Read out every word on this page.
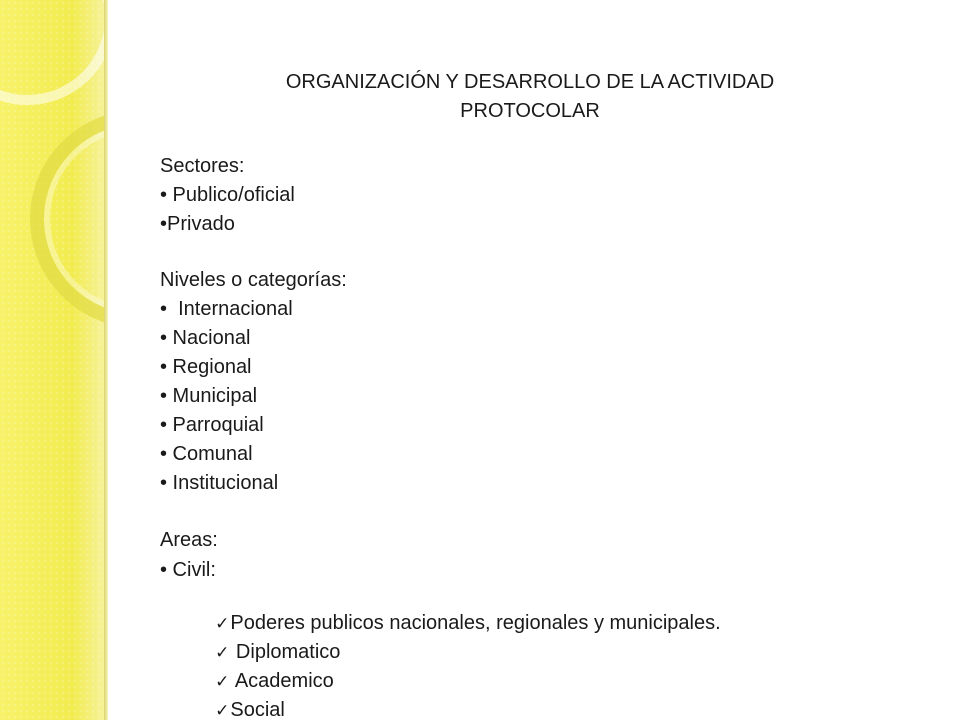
ORGANIZACIÓN Y DESARROLLO DE LA ACTIVIDAD
PROTOCOLAR
Sectores:
• Publico/oficial
•Privado
Niveles o categorías:
•  Internacional
• Nacional
• Regional
• Municipal
• Parroquial
• Comunal
• Institucional
Areas:
• Civil:

✓Poderes publicos nacionales, regionales y municipales.

✓ Diplomatico

✓ Academico

✓Social
